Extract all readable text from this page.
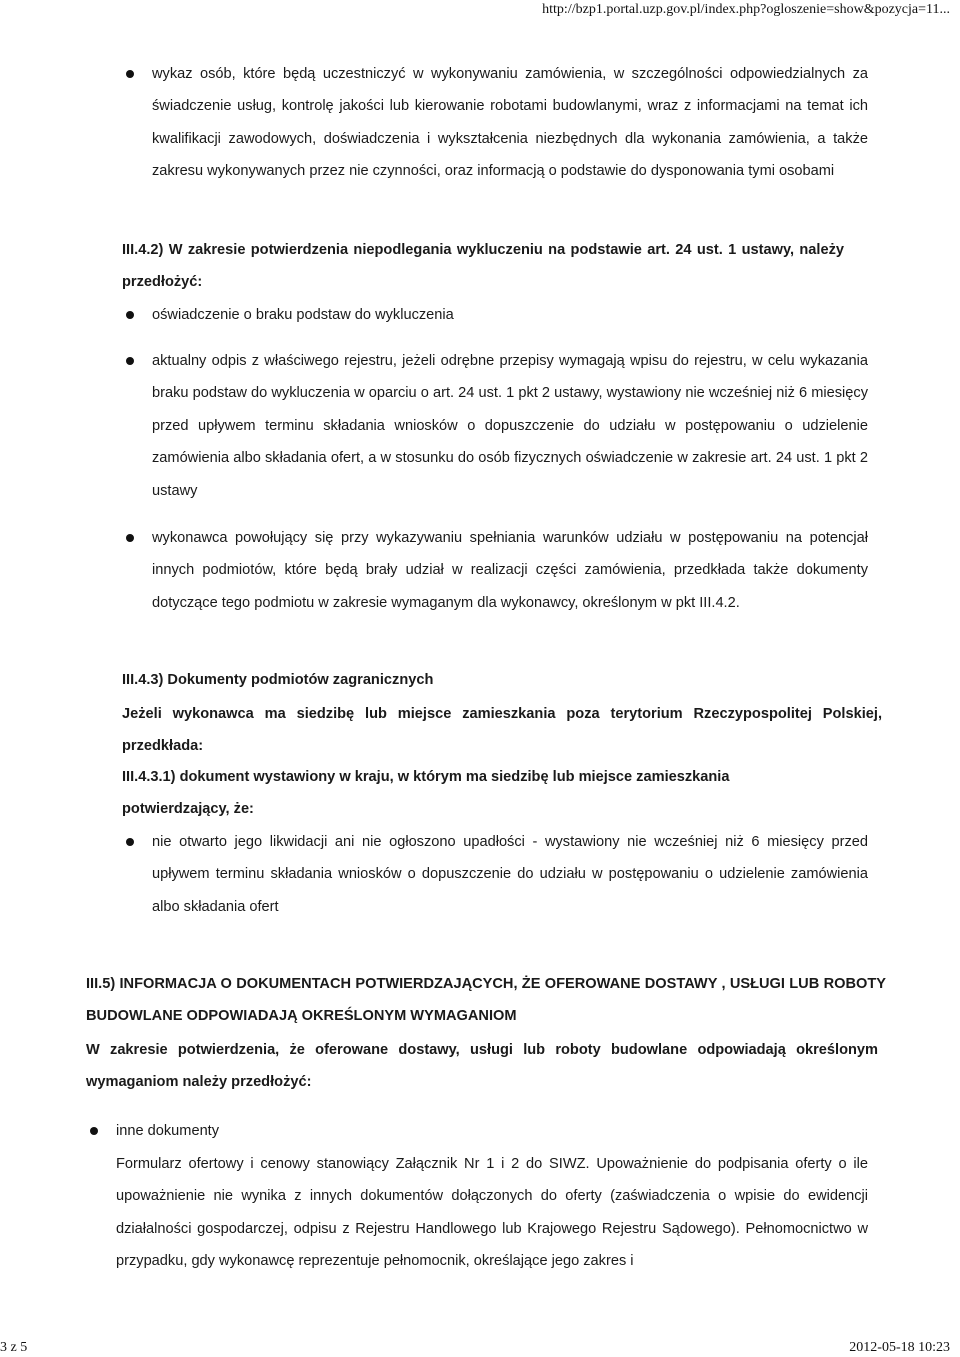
http://bzp1.portal.uzp.gov.pl/index.php?ogloszenie=show&pozycja=11...

wykaz osób, które będą uczestniczyć w wykonywaniu zamówienia, w szczególności odpowiedzialnych za świadczenie usług, kontrolę jakości lub kierowanie robotami budowlanymi, wraz z informacjami na temat ich kwalifikacji zawodowych, doświadczenia i wykształcenia niezbędnych dla wykonania zamówienia, a także zakresu wykonywanych przez nie czynności, oraz informacją o podstawie do dysponowania tymi osobami

III.4.2) W zakresie potwierdzenia niepodlegania wykluczeniu na podstawie art. 24 ust. 1 ustawy, należy przedłożyć:

oświadczenie o braku podstaw do wykluczenia

aktualny odpis z właściwego rejestru, jeżeli odrębne przepisy wymagają wpisu do rejestru, w celu wykazania braku podstaw do wykluczenia w oparciu o art. 24 ust. 1 pkt 2 ustawy, wystawiony nie wcześniej niż 6 miesięcy przed upływem terminu składania wniosków o dopuszczenie do udziału w postępowaniu o udzielenie zamówienia albo składania ofert, a w stosunku do osób fizycznych oświadczenie w zakresie art. 24 ust. 1 pkt 2 ustawy

wykonawca powołujący się przy wykazywaniu spełniania warunków udziału w postępowaniu na potencjał innych podmiotów, które będą brały udział w realizacji części zamówienia, przedkłada także dokumenty dotyczące tego podmiotu w zakresie wymaganym dla wykonawcy, określonym w pkt III.4.2.

III.4.3) Dokumenty podmiotów zagranicznych

Jeżeli wykonawca ma siedzibę lub miejsce zamieszkania poza terytorium Rzeczypospolitej Polskiej, przedkłada:

III.4.3.1) dokument wystawiony w kraju, w którym ma siedzibę lub miejsce zamieszkania potwierdzający, że:

nie otwarto jego likwidacji ani nie ogłoszono upadłości - wystawiony nie wcześniej niż 6 miesięcy przed upływem terminu składania wniosków o dopuszczenie do udziału w postępowaniu o udzielenie zamówienia albo składania ofert

III.5) INFORMACJA O DOKUMENTACH POTWIERDZAJĄCYCH, ŻE OFEROWANE DOSTAWY , USŁUGI LUB ROBOTY BUDOWLANE ODPOWIADAJĄ OKREŚLONYM WYMAGANIOM

W zakresie potwierdzenia, że oferowane dostawy, usługi lub roboty budowlane odpowiadają określonym wymaganiom należy przedłożyć:

inne dokumenty

Formularz ofertowy i cenowy stanowiący Załącznik Nr 1 i 2 do SIWZ. Upoważnienie do podpisania oferty o ile upoważnienie nie wynika z innych dokumentów dołączonych do oferty (zaświadczenia o wpisie do ewidencji działalności gospodarczej, odpisu z Rejestru Handlowego lub Krajowego Rejestru Sądowego). Pełnomocnictwo w przypadku, gdy wykonawcę reprezentuje pełnomocnik, określające jego zakres i

3 z 5	2012-05-18 10:23
